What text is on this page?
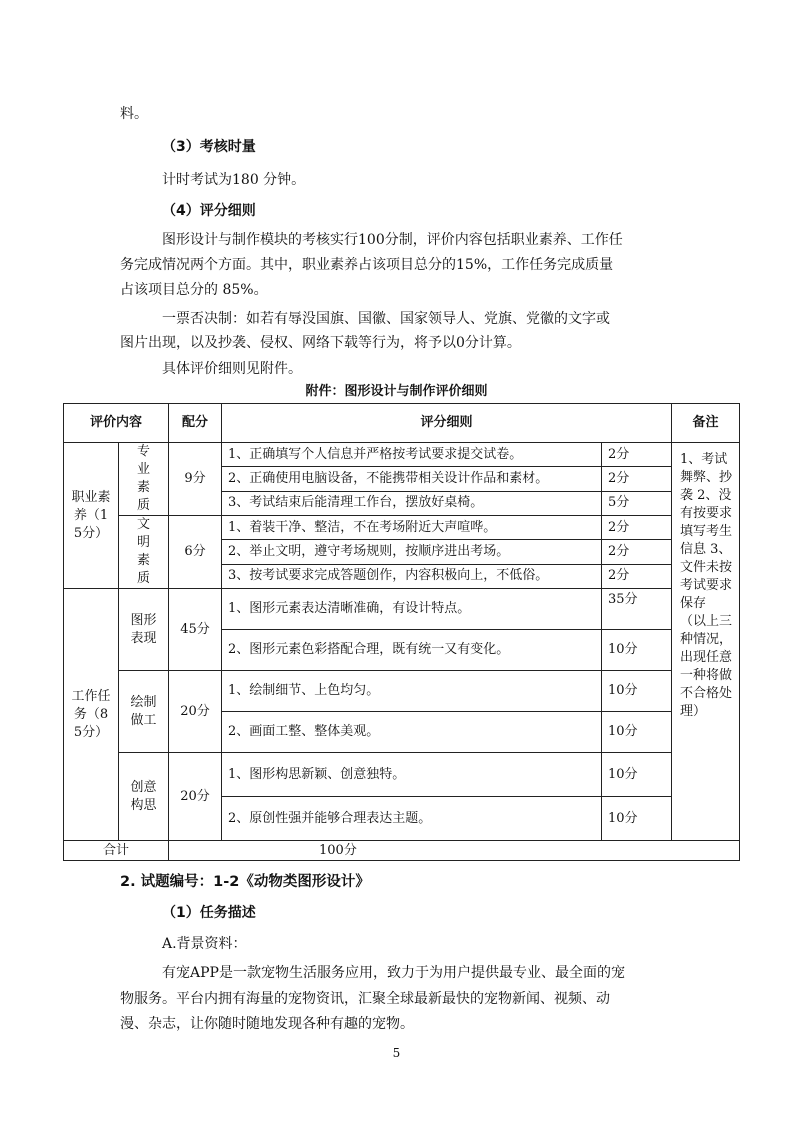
料。
（3）考核时量
计时考试为180 分钟。
（4）评分细则
图形设计与制作模块的考核实行100分制，评价内容包括职业素养、工作任
务完成情况两个方面。其中，职业素养占该项目总分的15%，工作任务完成质量
占该项目总分的 85%。
一票否决制：如若有辱没国旗、国徽、国家领导人、党旗、党徽的文字或
图片出现，以及抄袭、侵权、网络下载等行为，将予以0分计算。
具体评价细则见附件。
附件：图形设计与制作评价细则
评价内容		配分	评分细则		备注
职业素养（15分）	专业素质	9分	1、正确填写个人信息并严格按考试要求提交试卷。	2分	1、考试舞弊、抄袭 2、没有按要求填写考生信息 3、文件未按考试要求保存 （以上三种情况，出现任意一种将做不合格处理）
			2、正确使用电脑设备，不能携带相关设计作品和素材。	2分	
			3、考试结束后能清理工作台，摆放好桌椅。	5分	

	文明素质	6分	1、着装干净、整洁，不在考场附近大声喧哗。	2分	
			2、举止文明，遵守考场规则，按顺序进出考场。	2分	
			3、按考试要求完成答题创作，内容积极向上，不低俗。	2分	
工作任务（85分）	图形表现	45分	1、图形元素表达清晰准确，有设计特点。	35分	
			2、图形元素色彩搭配合理，既有统一又有变化。	10分	

	绘制做工	20分	1、绘制细节、上色均匀。	10分	
			2、画面工整、整体美观。	10分	

	创意构思	20分	1、图形构思新颖、创意独特。	10分	
			2、原创性强并能够合理表达主题。	10分	
合计		100分			
2. 试题编号：1-2《动物类图形设计》
（1）任务描述
A.背景资料：
有宠APP是一款宠物生活服务应用，致力于为用户提供最专业、最全面的宠
物服务。平台内拥有海量的宠物资讯，汇聚全球最新最快的宠物新闻、视频、动
漫、杂志，让你随时随地发现各种有趣的宠物。
5
